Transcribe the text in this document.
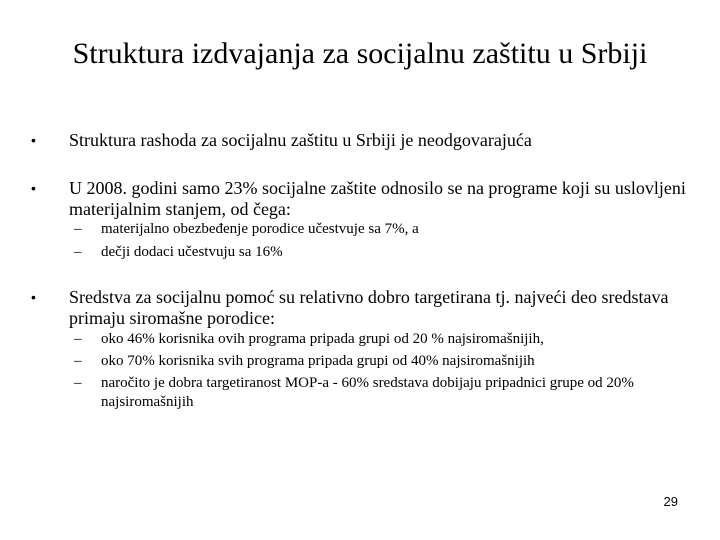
Struktura izdvajanja za socijalnu zaštitu u Srbiji
•	Struktura rashoda za socijalnu zaštitu u Srbiji je neodgovarajuća
•	U 2008. godini samo 23% socijalne zaštite odnosilo se na programe koji su uslovljeni materijalnim stanjem, od čega:
–	materijalno obezbeđenje porodice učestvuje sa 7%, a
–	dečji dodaci učestvuju sa 16%
•	Sredstva za socijalnu pomoć su relativno dobro targetirana tj. najveći deo sredstava primaju siromašne porodice:
–	oko 46% korisnika ovih programa pripada grupi od 20 % najsiromašnijih,
–	oko 70% korisnika svih programa pripada grupi od 40% najsiromašnijih
–	naročito je dobra targetiranost MOP-a - 60% sredstava dobijaju pripadnici grupe od 20% najsiromašnijih
29
